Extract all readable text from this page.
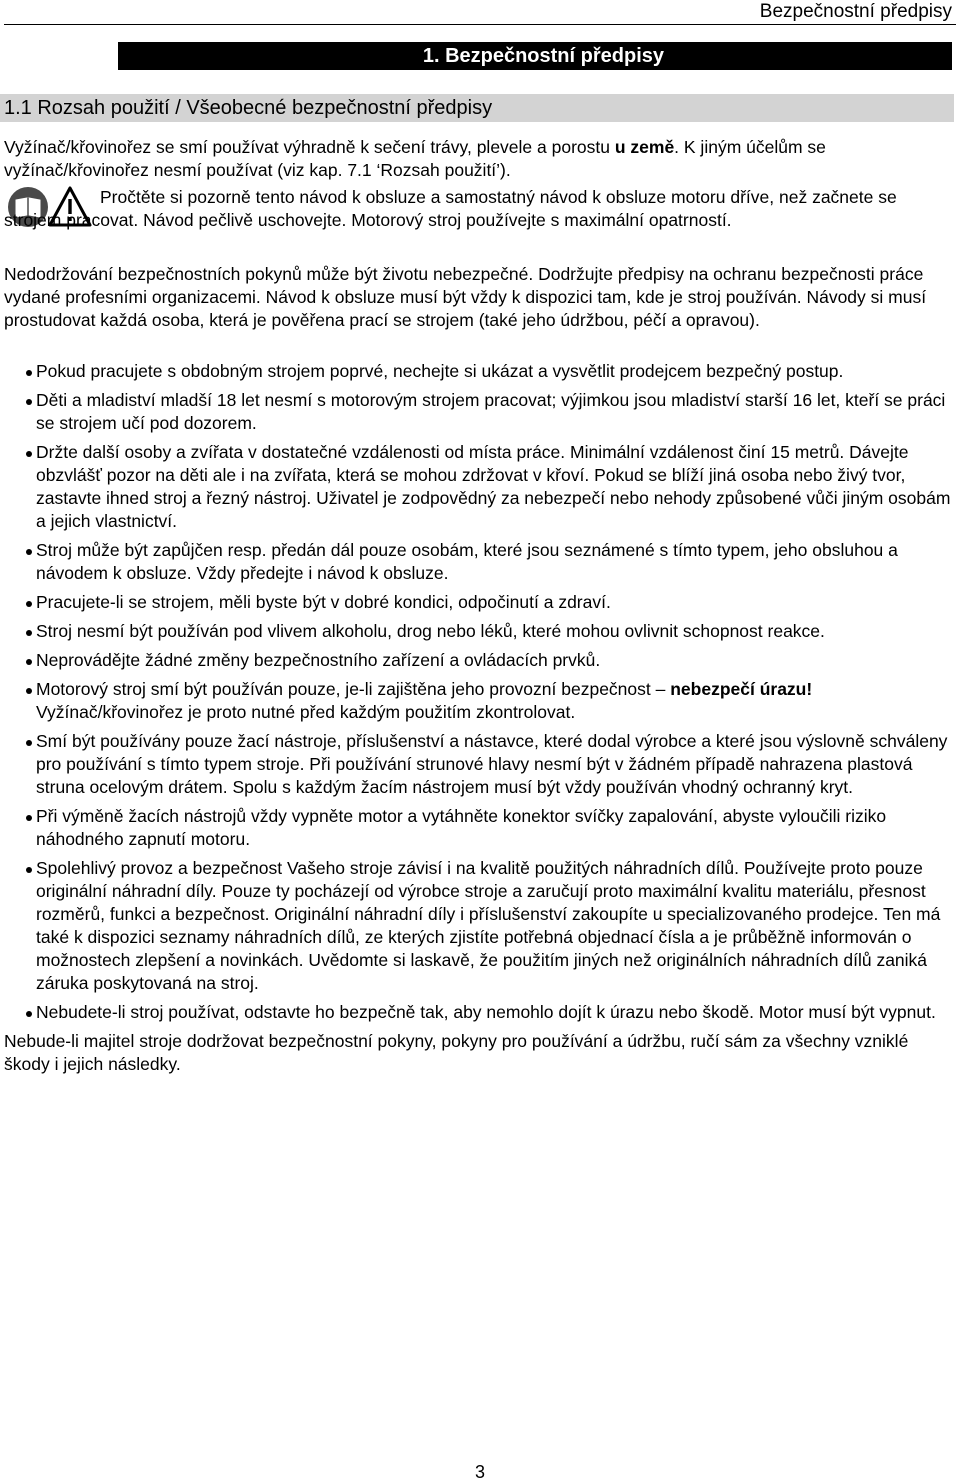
Bezpečnostní předpisy
1. Bezpečnostní předpisy
1.1 Rozsah použití / Všeobecné bezpečnostní předpisy

Vyžínač/křovinořez se smí používat výhradně k sečení trávy, plevele a porostu u země. K jiným účelům se vyžínač/křovinořez nesmí používat (viz kap. 7.1 ‘Rozsah použití’).

Pročtěte si pozorně tento návod k obsluze a samostatný návod k obsluze motoru dříve, než začnete se strojem pracovat. Návod pečlivě uschovejte. Motorový stroj používejte s maximální opatrností.

Nedodržování bezpečnostních pokynů může být životu nebezpečné. Dodržujte předpisy na ochranu bezpečnosti práce vydané profesními organizacemi. Návod k obsluze musí být vždy k dispozici tam, kde je stroj používán. Návody si musí prostudovat každá osoba, která je pověřena prací se strojem (také jeho údržbou, péčí a opravou).

Pokud pracujete s obdobným strojem poprvé, nechejte si ukázat a vysvětlit prodejcem bezpečný postup.
Děti a mladiství mladší 18 let nesmí s motorovým strojem pracovat; výjimkou jsou mladiství starší 16 let, kteří se práci se strojem učí pod dozorem.
Držte další osoby a zvířata v dostatečné vzdálenosti od místa práce. Minimální vzdálenost činí 15 metrů. Dávejte obzvlášť pozor na děti ale i na zvířata, která se mohou zdržovat v křoví. Pokud se blíží jiná osoba nebo živý tvor, zastavte ihned stroj a řezný nástroj. Uživatel je zodpovědný za nebezpečí nebo nehody způsobené vůči jiným osobám a jejich vlastnictví.
Stroj může být zapůjčen resp. předán dál pouze osobám, které jsou seznámené s tímto typem, jeho obsluhou a návodem k obsluze. Vždy předejte i návod k obsluze.
Pracujete-li se strojem, měli byste být v dobré kondici, odpočinutí a zdraví.
Stroj nesmí být používán pod vlivem alkoholu, drog nebo léků, které mohou ovlivnit schopnost reakce.
Neprovádějte žádné změny bezpečnostního zařízení a ovládacích prvků.
Motorový stroj smí být používán pouze, je-li zajištěna jeho provozní bezpečnost – nebezpečí úrazu! Vyžínač/křovinořez je proto nutné před každým použitím zkontrolovat.
Smí být používány pouze žací nástroje, příslušenství a nástavce, které dodal výrobce a které jsou výslovně schváleny pro používání s tímto typem stroje. Při používání strunové hlavy nesmí být v žádném případě nahrazena plastová struna ocelovým drátem. Spolu s každým žacím nástrojem musí být vždy používán vhodný ochranný kryt.
Při výměně žacích nástrojů vždy vypněte motor a vytáhněte konektor svíčky zapalování, abyste vyloučili riziko náhodného zapnutí motoru.
Spolehlivý provoz a bezpečnost Vašeho stroje závisí i na kvalitě použitých náhradních dílů. Používejte proto pouze originální náhradní díly. Pouze ty pocházejí od výrobce stroje a zaručují proto maximální kvalitu materiálu, přesnost rozměrů, funkci a bezpečnost. Originální náhradní díly i příslušenství zakoupíte u specializovaného prodejce. Ten má také k dispozici seznamy náhradních dílů, ze kterých zjistíte potřebná objednací čísla a je průběžně informován o možnostech zlepšení a novinkách. Uvědomte si laskavě, že použitím jiných než originálních náhradních dílů zaniká záruka poskytovaná na stroj.
Nebudete-li stroj používat, odstavte ho bezpečně tak, aby nemohlo dojít k úrazu nebo škodě. Motor musí být vypnut.

Nebude-li majitel stroje dodržovat bezpečnostní pokyny, pokyny pro používání a údržbu, ručí sám za všechny vzniklé škody i jejich následky.

3
